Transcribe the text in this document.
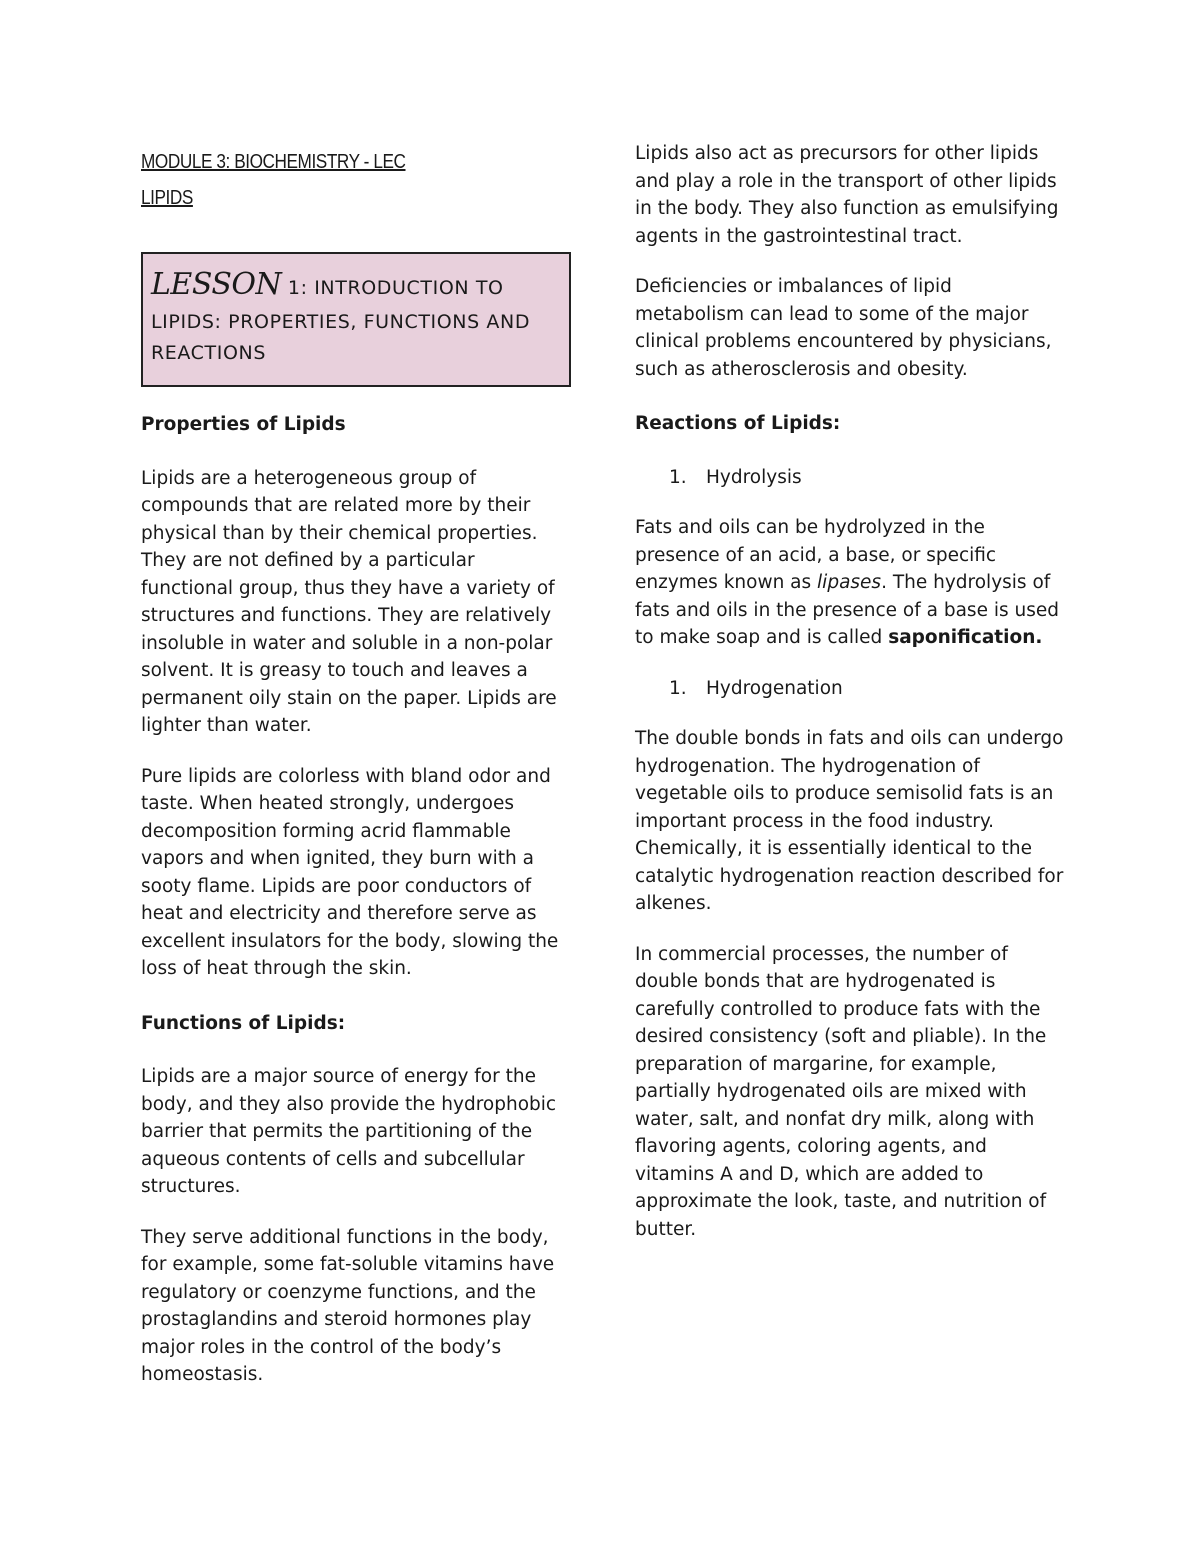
MODULE 3: BIOCHEMISTRY - LEC
LIPIDS
LESSON 1: INTRODUCTION TO
LIPIDS: PROPERTIES, FUNCTIONS AND
REACTIONS
Properties of Lipids

Lipids are a heterogeneous group of compounds that are related more by their physical than by their chemical properties. They are not defined by a particular functional group, thus they have a variety of structures and functions. They are relatively insoluble in water and soluble in a non-polar solvent. It is greasy to touch and leaves a permanent oily stain on the paper. Lipids are lighter than water.

Pure lipids are colorless with bland odor and taste. When heated strongly, undergoes decomposition forming acrid flammable vapors and when ignited, they burn with a sooty flame. Lipids are poor conductors of heat and electricity and therefore serve as excellent insulators for the body, slowing the loss of heat through the skin.

Functions of Lipids:

Lipids are a major source of energy for the body, and they also provide the hydrophobic barrier that permits the partitioning of the aqueous contents of cells and subcellular structures.

They serve additional functions in the body, for example, some fat-soluble vitamins have regulatory or coenzyme functions, and the prostaglandins and steroid hormones play major roles in the control of the body’s homeostasis.

Lipids also act as precursors for other lipids and play a role in the transport of other lipids in the body. They also function as emulsifying agents in the gastrointestinal tract.

Deficiencies or imbalances of lipid metabolism can lead to some of the major clinical problems encountered by physicians, such as atherosclerosis and obesity.

Reactions of Lipids:
1.	Hydrolysis

Fats and oils can be hydrolyzed in the presence of an acid, a base, or specific enzymes known as lipases. The hydrolysis of fats and oils in the presence of a base is used to make soap and is called saponification.

1.	Hydrogenation

The double bonds in fats and oils can undergo hydrogenation. The hydrogenation of vegetable oils to produce semisolid fats is an important process in the food industry. Chemically, it is essentially identical to the catalytic hydrogenation reaction described for alkenes.

In commercial processes, the number of double bonds that are hydrogenated is carefully controlled to produce fats with the desired consistency (soft and pliable). In the preparation of margarine, for example, partially hydrogenated oils are mixed with water, salt, and nonfat dry milk, along with flavoring agents, coloring agents, and vitamins A and D, which are added to approximate the look, taste, and nutrition of butter.
